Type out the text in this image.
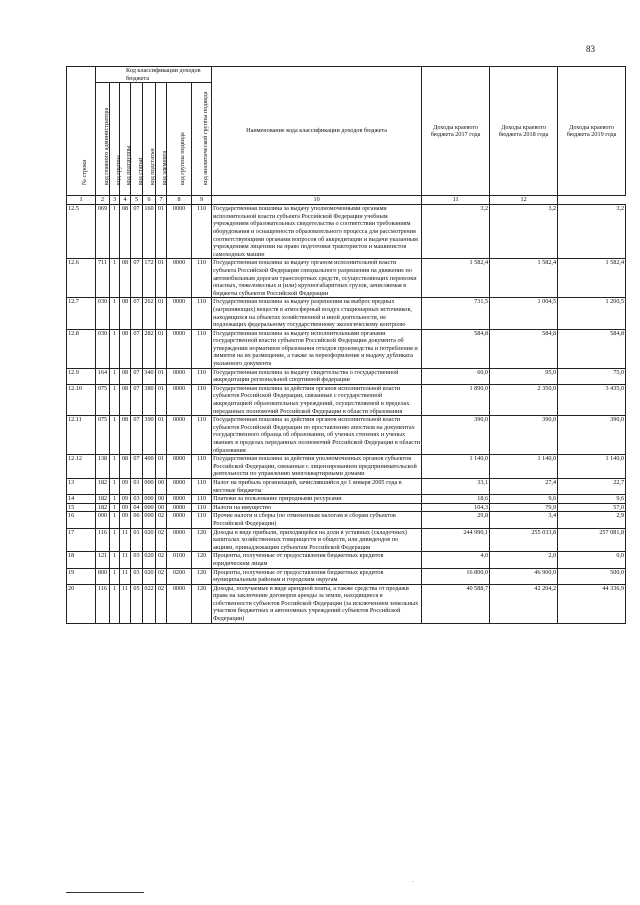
83
№ строки	Код классификации доходов бюджета								Наименование кода классификации доходов бюджета	Доходы краевого бюджета 2017 года	Доходы краевого бюджета 2018 года	Доходы краевого бюджета 2019 года

	код главного администратора	код группы	код подгруппы	код статьи	код подстатьи	код элемента	код группы подвида	код аналитической группы подвида				

1	2	3	4	5	6	7	8	9	10	11	12	
12.5	069	1	08	07	160	01	0000	110	Государственная пошлина за выдачу уполномоченными органами исполнительной власти субъекта Российской Федерации учебным учреждениям образовательных свидетельства о соответствии требованиям оборудования и оснащенности образовательного процесса для рассмотрения соответствующими органами вопросов об аккредитации и выдачи указанным учреждениям лицензии на право подготовки трактористов и машинистов самоходных машин	3,2	3,2	3,2
12.6	711	1	08	07	172	01	0000	110	Государственная пошлина за выдачу органом исполнительной власти субъекта Российской Федерации специального разрешения на движение по автомобильным дорогам транспортных средств, осуществляющих перевозки опасных, тяжеловесных и (или) крупногабаритных грузов, зачисляемая в бюджеты субъектов Российской Федерации	1 582,4	1 582,4	1 582,4
12.7	030	1	08	07	262	01	0000	110	Государственная пошлина за выдачу разрешения на выброс вредных (загрязняющих) веществ в атмосферный воздух стационарных источников, находящихся на объектах хозяйственной и иной деятельности, не подлежащих федеральному государственному экологическому контролю	731,5	1 004,5	1 200,5
12.8	030	1	08	07	282	01	0000	110	Государственная пошлина за выдачу исполнительными органами государственной власти субъектов Российской Федерации документа об утверждении нормативов образования отходов производства и потребления и лимитов на их размещение, а также за переоформление и выдачу дубликата указанного документа	584,8	584,8	584,8
12.9	164	1	08	07	340	01	0000	110	Государственная пошлина за выдачу свидетельства о государственной аккредитации региональной спортивной федерации	60,0	95,0	75,0
12.10	075	1	08	07	380	01	0000	110	Государственная пошлина за действия органов исполнительной власти субъектов Российской Федерации, связанные с государственной аккредитацией образовательных учреждений, осуществляемой в пределах переданных полномочий Российской Федерации в области образования	1 890,0	2 350,0	3 435,0
12.11	075	1	08	07	390	01	0000	110	Государственная пошлина за действия органов исполнительной власти субъектов Российской Федерации по проставлению апостиля на документах государственного образца об образовании, об ученых степенях и ученых званиях в пределах переданных полномочий Российской Федерации в области образования	390,0	390,0	390,0
12.12	138	1	08	07	400	01	0000	110	Государственная пошлина за действия уполномоченных органов субъектов Российской Федерации, связанные с лицензированием предпринимательской деятельности по управлению многоквартирными домами	1 140,0	1 140,0	1 140,0
13	182	1	09	01	000	00	0000	110	Налог на прибыль организаций, зачислявшийся до 1 января 2005 года в местные бюджеты	33,1	27,4	22,7
14	182	1	09	03	000	00	0000	110	Платежи за пользование природными ресурсами	18,6	9,6	9,6
15	182	1	09	04	000	00	0000	110	Налоги на имущество	104,3	79,9	57,0
16	000	1	09	06	000	02	0000	110	Прочие налоги и сборы (по отмененным налогам и сборам субъектов Российской Федерации)	29,8	3,4	2,9
17	116	1	11	01	020	02	0000	120	Доходы в виде прибыли, приходящейся на доли в уставных (складочных) капиталах хозяйственных товариществ и обществ, или дивидендов по акциям, принадлежащим субъектам Российской Федерации	244 990,1	255 033,8	257 081,8
18	121	1	11	03	020	02	0100	120	Проценты, полученные от предоставления бюджетных кредитов юридическим лицам	4,0	2,0	0,0
19	800	1	11	03	020	02	0200	120	Проценты, полученные от предоставления бюджетных кредитов муниципальным районам и городским округам	16 800,0	46 900,0	500,0
20	116	1	11	05	022	02	0000	120	Доходы, получаемые в виде арендной платы, а также средства от продажи права на заключение договоров аренды за земли, находящиеся в собственности субъектов Российской Федерации (за исключением земельных участков бюджетных и автономных учреждений субъектов Российской Федерации)	40 588,7	42 204,2	44 336,9
.
